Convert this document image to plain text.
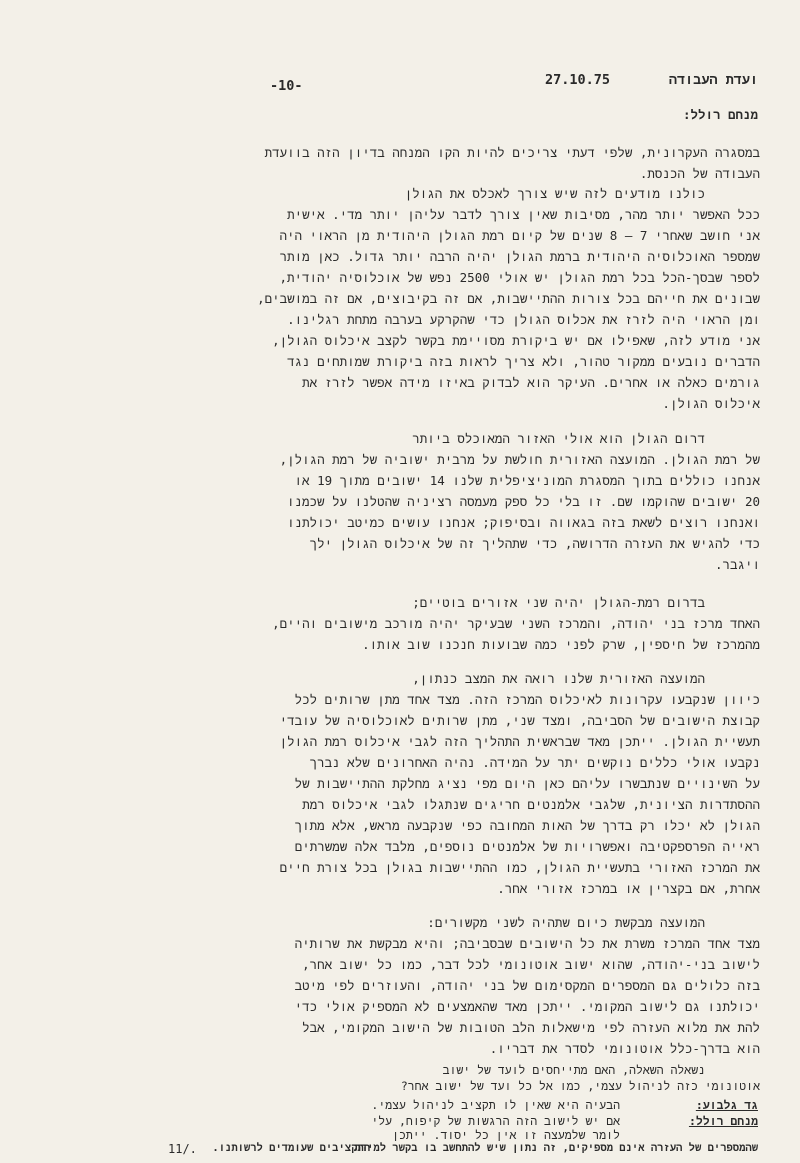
ועדת העבודה
27.10.75
-10-
מנחם רולל:
במסגרה העקרונית, שלפי דעתי צריכים להיות הקו המנחה בדיון הזה בוועדת
העבודה של הכנסת.
כולנו מודעים לזה שיש צורך לאכלס את הגולן
ככל האפשר יותר מהר, מסיבות שאין צורך לדבר עליהן יותר מדי. אישית
אני חושב שאחרי 7 – 8 שנים של קיום רמת הגולן היהודית מן הראוי היה
שמספר האוכלוסיה היהודית ברמת הגולן יהיה הרבה יותר גדול. כאן מותר
לספר שבסך-הכל בכל רמת הגולן יש אולי 2500 נפש של אוכלוסיה יהודית,
שבונים את חייהם בכל צורות ההתיישבות, אם זה בקיבוצים, אם זה במושבים,
ומן הראוי היה לזרז את אכלוס הגולן כדי שהקרקע בערבה מתחת רגלינו.
אני מודע לזה, שאפילו אם יש ביקורת מסויימת בקשר לקצב איכלוס הגולן,
הדברים נובעים ממקור טהור, ולא צריך לראות בזה ביקורת שמותחים נגד
גורמים כאלה או אחרים. העיקר הוא לבדוק באיזו מידה אפשר לזרז את
איכלוס הגולן.
דרום הגולן הוא אולי האזור המאוכלס ביותר
של רמת הגולן. המועצה האזורית חולשת על מרבית ישוביה של רמת הגולן,
אנחנו כוללים בתוך המסגרת המוניציפלית שלנו 14 ישובים מתוך 19 או
20 ישובים שהוקמו שם. זו בלי כל ספק מעמסה רציניה שהטלנו על שכמנו
ואנחנו רוצים לשאת בזה בגאווה ובסיפוק; אנחנו עושים כמיטב יכולתנו
כדי להגיש את העזרה הדרושה, כדי שתהליך זה של איכלוס הגולן ילך
ויגבר.
בדרום רמת-הגולן יהיה שני אזורים בוטיים;
האחד מרכז בני יהודה, והמרכז השני שבעיקר יהיה מורכב מישובים והיים,
מהמרכז של חיספין, שרק לפני כמה שבועות חנכנו שוב אותו.
המועצה האזורית שלנו רואה את המצב כנתון,
כיוון שנקבעו עקרונות לאיכלוס המרכז הזה. מצד אחד מתן שרותים לכל
קבוצת הישובים של הסביבה, ומצד שני, מתן שרותים לאוכלוסיה של עובדי
תעשיית הגולן. ייתכן מאד שבראשית התהליך הזה לגבי איכלוס רמת הגולן
נקבעו אולי כללים נוקשים יתר על המידה. נהיה האחרונים שלא נברך
על השינויים שנתבשרו עליהם כאן היום מפי נציג מחלקת ההתיישבות של
ההסתדרות הציונית, שלגבי אלמנטים חריגים שנתגלו לגבי איכלוס רמת
הגולן לא יכלו רק בדרך של האות המחובה כפי שנקבעה מראש, אלא מתוך
ראייה הפרספקטיבה ואפשרויות של אלמנטים נוספים, מלבד אלה שמשרתים
את המרכז האזורי בתעשיית הגולן, כמו ההתיישבות בגולן בכל צורת חיים
אחרת, אם בקצרין או במרכז אזורי אחר.
המועצה מבקשת כיום שתהיה לשני מקשורים:
מצד אחד המרכז משרת את כל הישובים שבסביבה; והיא מבקשת את שרותיה
לישוב בני-יהודה, שהוא ישוב אוטונומי לכל דבר, כמו כל ישוב אחר,
בזה כלולים גם המספרים המקסימום של בני יהודה, והעוזרים לפי מיטב
יכולתנו גם לישוב המקומי. ייתכן מאד שהאמצעים לא המספיק אולי כדי
להת את מלוא העזרה לפי מישאלות הלב הטובות של הישוב המקומי, אבל
הוא בדרך-כלל אוטונומי לסדר את דבריו.
נשאלה השאלה, האם מתייחסים לועד של ישוב
אוטונומי כזה לניהול עצמי, כמו אל כל ועד של ישוב אחר?
גד גלבוע:
הבעיה היא שאין לו תקציב לניהול עצמי.
מנחם רולל:
אם יש לישוב הזה הרגשות של קיפוח, עלי
לומר שלמעצה זו אין כל יסוד. ייתכן
שהמספרים של העזרה אינם מספיקים, זה נתון שיש להתחשב בו בקשר למידת
התקציבים שעומדים לרשותנו.
11/.
